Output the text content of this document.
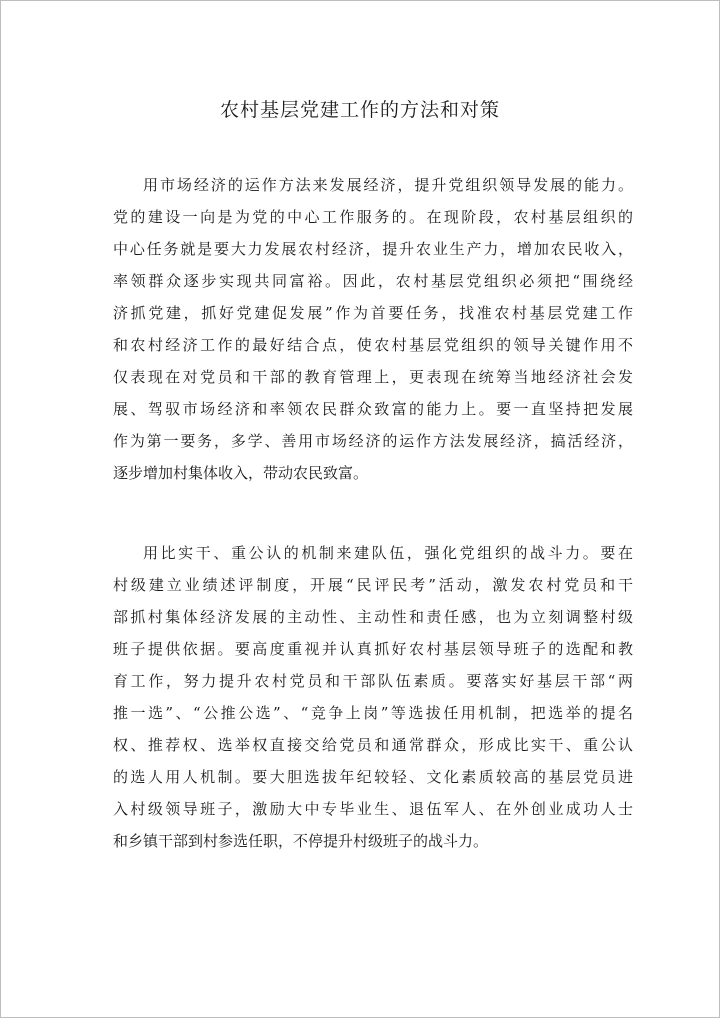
农村基层党建工作的方法和对策
用市场经济的运作方法来发展经济，提升党组织领导发展的能力。
党的建设一向是为党的中心工作服务的。在现阶段，农村基层组织的
中心任务就是要大力发展农村经济，提升农业生产力，增加农民收入，
率领群众逐步实现共同富裕。因此，农村基层党组织必须把“围绕经
济抓党建，抓好党建促发展”作为首要任务，找准农村基层党建工作
和农村经济工作的最好结合点，使农村基层党组织的领导关键作用不
仅表现在对党员和干部的教育管理上，更表现在统筹当地经济社会发
展、驾驭市场经济和率领农民群众致富的能力上。要一直坚持把发展
作为第一要务，多学、善用市场经济的运作方法发展经济，搞活经济，
逐步增加村集体收入，带动农民致富。
用比实干、重公认的机制来建队伍，强化党组织的战斗力。要在
村级建立业绩述评制度，开展“民评民考”活动，激发农村党员和干
部抓村集体经济发展的主动性、主动性和责任感，也为立刻调整村级
班子提供依据。要高度重视并认真抓好农村基层领导班子的选配和教
育工作，努力提升农村党员和干部队伍素质。要落实好基层干部“两
推一选”、“公推公选”、“竞争上岗”等选拔任用机制，把选举的提名
权、推荐权、选举权直接交给党员和通常群众，形成比实干、重公认
的选人用人机制。要大胆选拔年纪较轻、文化素质较高的基层党员进
入村级领导班子，激励大中专毕业生、退伍军人、在外创业成功人士
和乡镇干部到村参选任职，不停提升村级班子的战斗力。
